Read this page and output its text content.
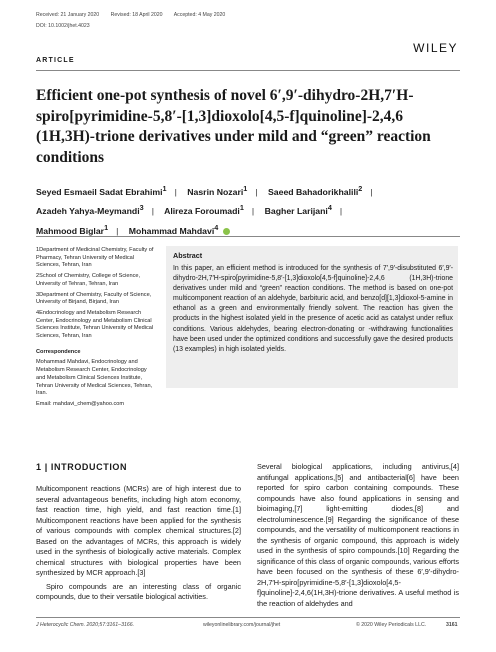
Received: 21 January 2020 Revised: 18 April 2020 Accepted: 4 May 2020
DOI: 10.1002/jhet.4023
WILEY
ARTICLE
Efficient one-pot synthesis of novel 6′,9′-dihydro-2H,7′H-spiro[pyrimidine-5,8′-[1,3]dioxolo[4,5-f]quinoline]-2,4,6 (1H,3H)-trione derivatives under mild and “green” reaction conditions
Seyed Esmaeil Sadat Ebrahimi$^1$ | Nasrin Nozari$^1$ | Saeed Bahadorikhalili$^2$ |
Azadeh Yahya-Meymandi$^3$ | Alireza Foroumadi$^1$ | Bagher Larijani$^4$ |
Mahmood Biglar$^1$ | Mohammad Mahdavi$^4$

1Department of Medicinal Chemistry, Faculty of Pharmacy, Tehran University of Medical Sciences, Tehran, Iran

2School of Chemistry, College of Science, University of Tehran, Tehran, Iran

3Department of Chemistry, Faculty of Science, University of Birjand, Birjand, Iran

4Endocrinology and Metabolism Research Center, Endocrinology and Metabolism Clinical Sciences Institute, Tehran University of Medical Sciences, Tehran, Iran

Correspondence

Mohammad Mahdavi, Endocrinology and Metabolism Research Center, Endocrinology and Metabolism Clinical Sciences Institute, Tehran University of Medical Sciences, Tehran, Iran.

Email: mahdavi_chem@yahoo.com

Abstract
In this paper, an efficient method is introduced for the synthesis of 7′,9′-disubstituted 6′,9′-dihydro-2H,7′H-spiro[pyrimidine-5,8′-[1,3]dioxolo[4,5-f]quinoline]-2,4,6 (1H,3H)-trione derivatives under mild and “green” reaction conditions. The method is based on one-pot multicomponent reaction of an aldehyde, barbituric acid, and benzo[d][1,3]dioxol-5-amine in ethanol as a green and environmentally friendly solvent. The reaction has given the products in the highest isolated yield in the presence of acetic acid as catalyst under reflux conditions. Various aldehydes, bearing electron-donating or -withdrawing functionalities have been used under the optimized conditions and successfully gave the desired products (13 examples) in high isolated yields.
1 | INTRODUCTION

Multicomponent reactions (MCRs) are of high interest due to several advantageous benefits, including high atom economy, fast reaction time, high yield, and fast reaction time.[1] Multicomponent reactions have been applied for the synthesis of various compounds with complex chemical structures.[2] Based on the advantages of MCRs, this approach is widely used in the synthesis of biologically active materials. Complex chemical structures with biological properties have been synthesized by MCR approach.[3]

Spiro compounds are an interesting class of organic compounds, due to their versatile biological activities.

Several biological applications, including antivirus,[4] antifungal applications,[5] and antibacterial[6] have been reported for spiro carbon containing compounds. These compounds have also found applications in sensing and bioimaging,[7] light-emitting diodes,[8] and electroluminescence.[9] Regarding the significance of these compounds, and the versatility of multicomponent reactions in the synthesis of organic compound, this approach is widely used in the synthesis of spiro compounds.[10] Regarding the significance of this class of organic compounds, various efforts have been focused on the synthesis of these 6′,9′-dihydro-2H,7′H-spiro[pyrimidine-5,8′-[1,3]dioxolo[4,5-f]quinoline]-2,4,6(1H,3H)-trione derivatives. A useful method is the reaction of aldehydes and

J Heterocyclic Chem. 2020;57:3161–3166.	wileyonlinelibrary.com/journal/jhet	© 2020 Wiley Periodicals LLC.	3161
